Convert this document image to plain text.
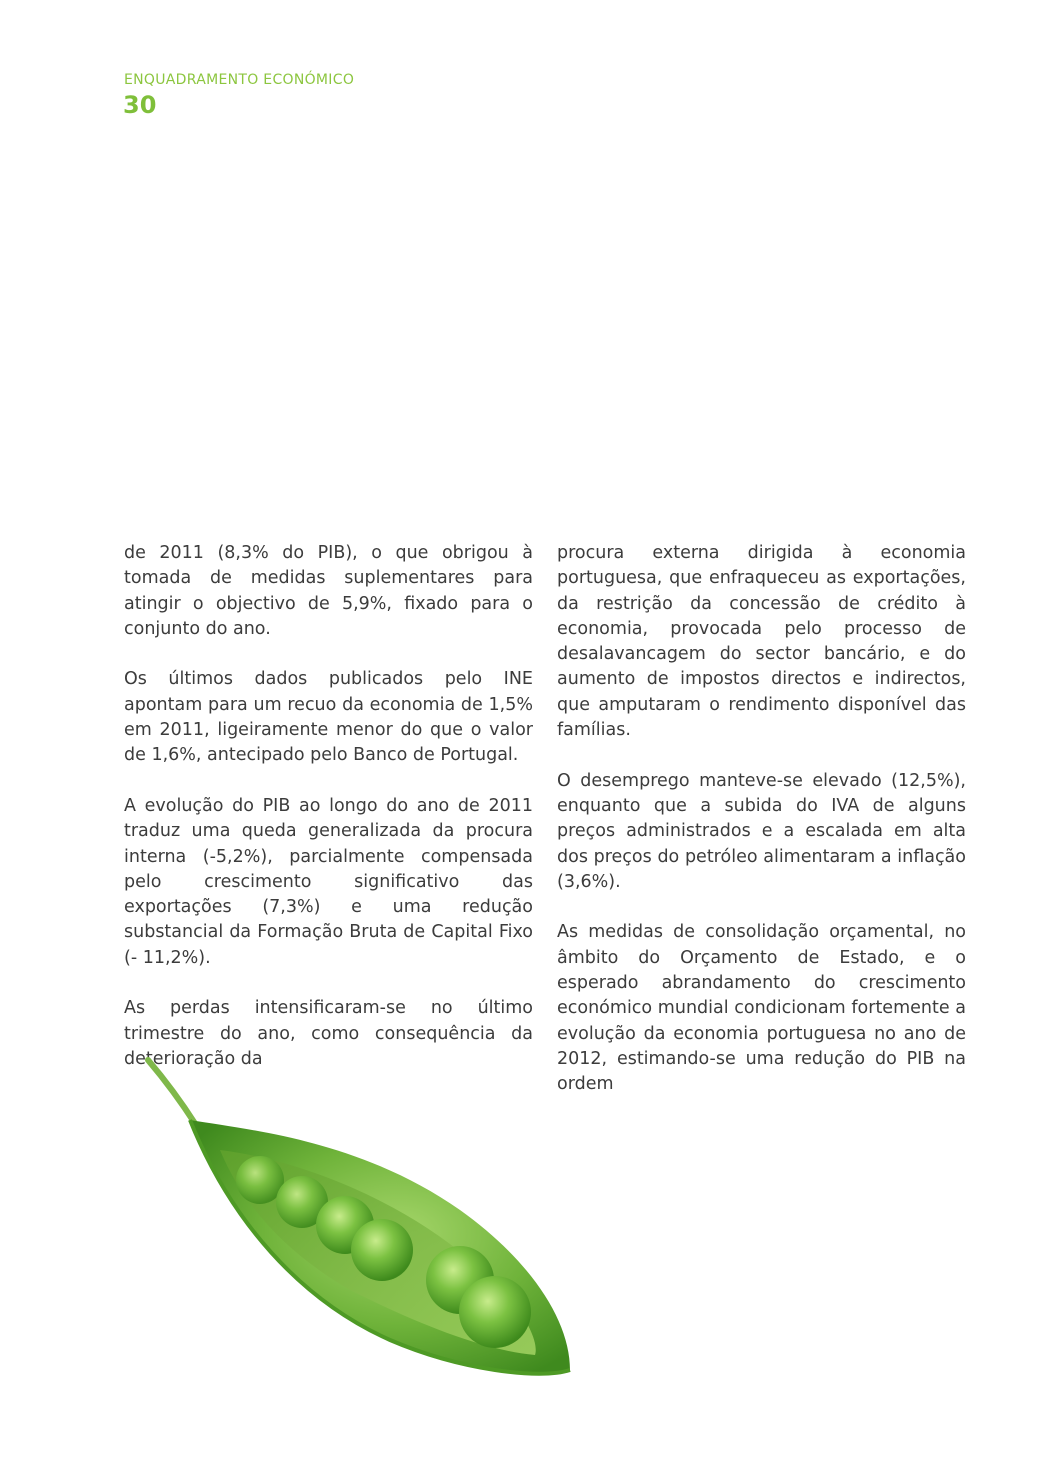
ENQUADRAMENTO ECONÓMICO
30

de 2011 (8,3% do PIB), o que obrigou à tomada de medidas suplementares para atingir o objectivo de 5,9%, fixado para o conjunto do ano.

Os últimos dados publicados pelo INE apontam para um recuo da economia de 1,5% em 2011, ligeiramente menor do que o valor de 1,6%, antecipado pelo Banco de Portugal.

A evolução do PIB ao longo do ano de 2011 traduz uma queda generalizada da procura interna (-5,2%), parcialmente compensada pelo crescimento significativo das exportações (7,3%) e uma redução substancial da Formação Bruta de Capital Fixo (- 11,2%).

As perdas intensificaram-se no último trimestre do ano, como consequência da deterioração da

procura externa dirigida à economia portuguesa, que enfraqueceu as exportações, da restrição da concessão de crédito à economia, provocada pelo processo de desalavancagem do sector bancário, e do aumento de impostos directos e indirectos, que amputaram o rendimento disponível das famílias.

O desemprego manteve-se elevado (12,5%), enquanto que a subida do IVA de alguns preços administrados e a escalada em alta dos preços do petróleo alimentaram a inflação (3,6%).

As medidas de consolidação orçamental, no âmbito do Orçamento de Estado, e o esperado abrandamento do crescimento económico mundial condicionam fortemente a evolução da economia portuguesa no ano de 2012, estimando-se uma redução do PIB na ordem
